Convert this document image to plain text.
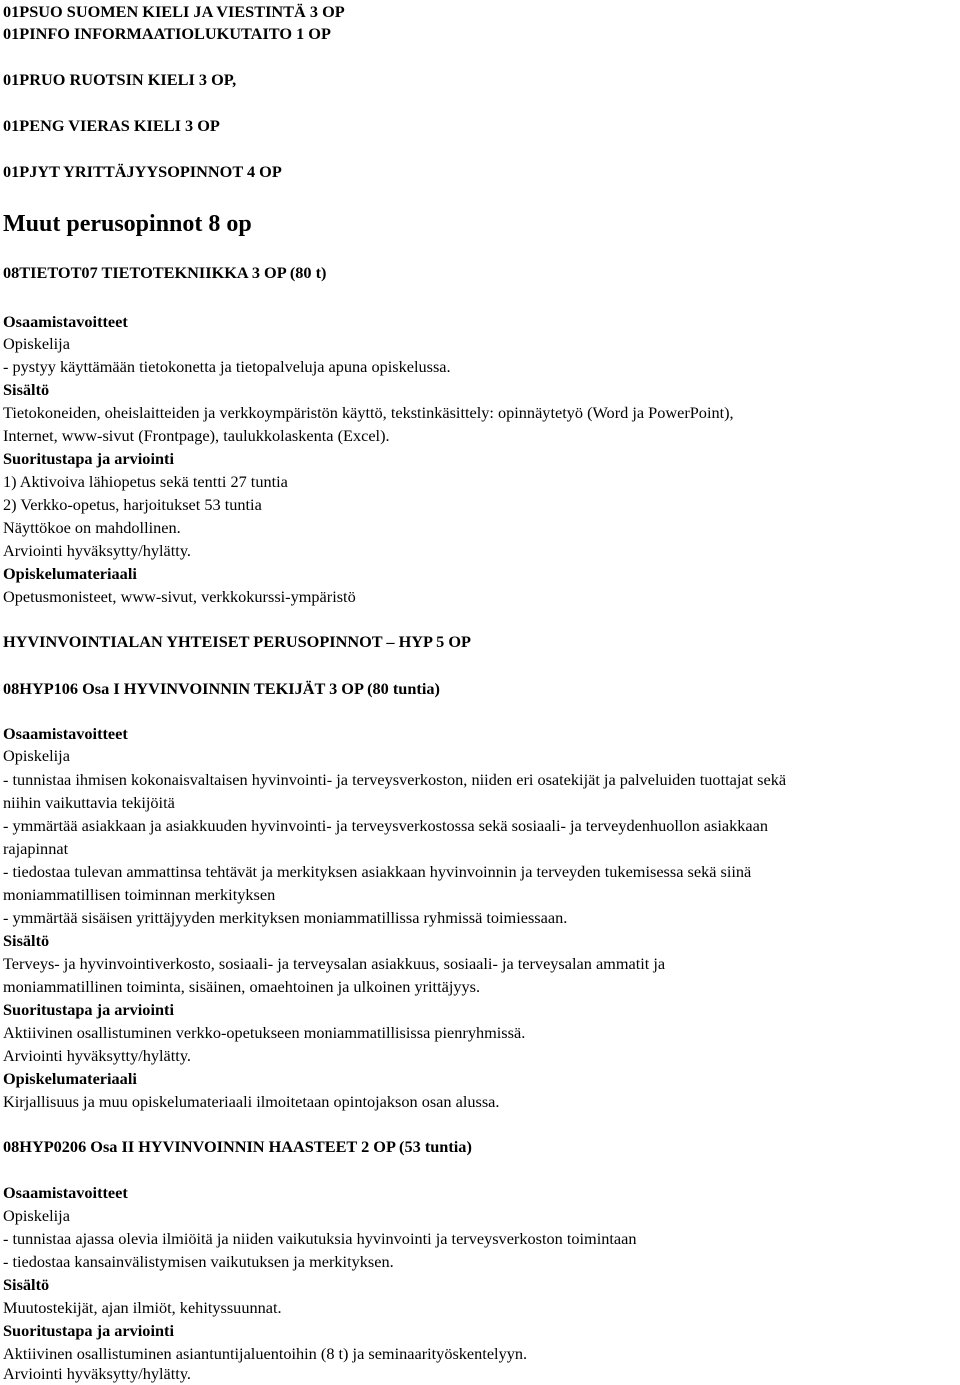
01PSUO SUOMEN KIELI JA VIESTINTÄ 3 OP
01PINFO INFORMAATIOLUKUTAITO 1 OP
01PRUO RUOTSIN KIELI 3 OP,
01PENG VIERAS KIELI 3 OP
01PJYT YRITTÄJYYSOPINNOT 4 OP
Muut perusopinnot 8 op
08TIETOT07 TIETOTEKNIIKKA 3 OP (80 t)
Osaamistavoitteet
Opiskelija
- pystyy käyttämään tietokonetta ja tietopalveluja apuna opiskelussa.
Sisältö
Tietokoneiden, oheislaitteiden ja verkkoympäristön käyttö, tekstinkäsittely: opinnäytetyö (Word ja PowerPoint),
Internet, www-sivut (Frontpage), taulukkolaskenta (Excel).
Suoritustapa ja arviointi
1) Aktivoiva lähiopetus sekä tentti 27 tuntia
2) Verkko-opetus, harjoitukset 53 tuntia
Näyttökoe on mahdollinen.
Arviointi hyväksytty/hylätty.
Opiskelumateriaali
Opetusmonisteet, www-sivut, verkkokurssi-ympäristö
HYVINVOINTIALAN YHTEISET PERUSOPINNOT – HYP 5 OP
08HYP106 Osa I HYVINVOINNIN TEKIJÄT 3 OP (80 tuntia)
Osaamistavoitteet
Opiskelija
- tunnistaa ihmisen kokonaisvaltaisen hyvinvointi- ja terveysverkoston, niiden eri osatekijät ja palveluiden tuottajat sekä
niihin vaikuttavia tekijöitä
- ymmärtää asiakkaan ja asiakkuuden hyvinvointi- ja terveysverkostossa sekä sosiaali- ja terveydenhuollon asiakkaan
rajapinnat
- tiedostaa tulevan ammattinsa tehtävät ja merkityksen asiakkaan hyvinvoinnin ja terveyden tukemisessa sekä siinä
moniammatillisen toiminnan merkityksen
- ymmärtää sisäisen yrittäjyyden merkityksen moniammatillissa ryhmissä toimiessaan.
Sisältö
Terveys- ja hyvinvointiverkosto, sosiaali- ja terveysalan asiakkuus, sosiaali- ja terveysalan ammatit ja
moniammatillinen toiminta, sisäinen, omaehtoinen ja ulkoinen yrittäjyys.
Suoritustapa ja arviointi
Aktiivinen osallistuminen verkko-opetukseen moniammatillisissa pienryhmissä.
Arviointi hyväksytty/hylätty.
Opiskelumateriaali
Kirjallisuus ja muu opiskelumateriaali ilmoitetaan opintojakson osan alussa.
08HYP0206 Osa II HYVINVOINNIN HAASTEET 2 OP (53 tuntia)
Osaamistavoitteet
Opiskelija
- tunnistaa ajassa olevia ilmiöitä ja niiden vaikutuksia hyvinvointi ja terveysverkoston toimintaan
- tiedostaa kansainvälistymisen vaikutuksen ja merkityksen.
Sisältö
Muutostekijät, ajan ilmiöt, kehityssuunnat.
Suoritustapa ja arviointi
Aktiivinen osallistuminen asiantuntijaluentoihin (8 t) ja seminaarityöskentelyyn.
Arviointi hyväksytty/hylätty.
